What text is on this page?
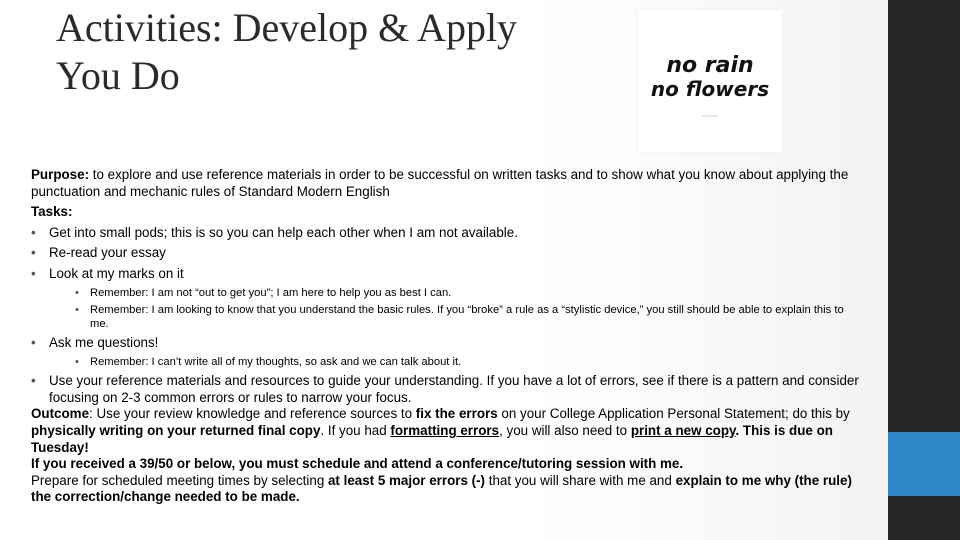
Activities: Develop & Apply
You Do	no rain
no flowers

Purpose: to explore and use reference materials in order to be successful on written tasks and to show what you know about applying the punctuation and mechanic rules of Standard Modern English

Tasks:

• Get into small pods; this is so you can help each other when I am not available.
• Re-read your essay
• Look at my marks on it
• Remember: I am not “out to get you”; I am here to help you as best I can.
• Remember: I am looking to know that you understand the basic rules. If you “broke” a rule as a “stylistic device,” you still should be able to explain this to me.
• Ask me questions!
• Remember: I can’t write all of my thoughts, so ask and we can talk about it.
• Use your reference materials and resources to guide your understanding. If you have a lot of errors, see if there is a pattern and consider focusing on 2-3 common errors or rules to narrow your focus.

Outcome: Use your review knowledge and reference sources to fix the errors on your College Application Personal Statement; do this by physically writing on your returned final copy. If you had formatting errors, you will also need to print a new copy. This is due on Tuesday!

If you received a 39/50 or below, you must schedule and attend a conference/tutoring session with me.

Prepare for scheduled meeting times by selecting at least 5 major errors (-) that you will share with me and explain to me why (the rule) the correction/change needed to be made.
